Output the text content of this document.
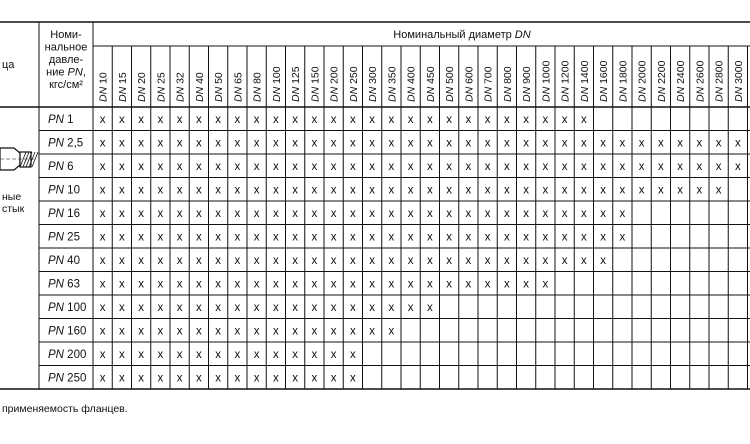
ца
Номи-
нальное
давле-
ние PN,
кгс/см²
Номинальный диаметр DN
DN 10
DN 15
DN 20
DN 25
DN 32
DN 40
DN 50
DN 65
DN 80
DN 100
DN 125
DN 150
DN 200
DN 250
DN 300
DN 350
DN 400
DN 450
DN 500
DN 600
DN 700
DN 800
DN 900
DN 1000
DN 1200
DN 1400
DN 1600
DN 1800
DN 2000
DN 2200
DN 2400
DN 2600
DN 2800
DN 3000
PN 1 x x x x x x x x x x x x x x x x x x x x x x x x x x
PN 2,5 x x x x x x x x x x x x x x x x x x x x x x x x x x x x x x x x x x
PN 6 x x x x x x x x x x x x x x x x x x x x x x x x x x x x x x x x x x
PN 10 x x x x x x x x x x x x x x x x x x x x x x x x x x x x x x x x x
PN 16 x x x x x x x x x x x x x x x x x x x x x x x x x x x x
PN 25 x x x x x x x x x x x x x x x x x x x x x x x x x x x x
PN 40 x x x x x x x x x x x x x x x x x x x x x x x x x x x
PN 63 x x x x x x x x x x x x x x x x x x x x x x x x
PN 100 x x x x x x x x x x x x x x x x x x
PN 160 x x x x x x x x x x x x x x x x
PN 200 x x x x x x x x x x x x x x
PN 250 x x x x x x x x x x x x x x
ные
стык
применяемость фланцев.
